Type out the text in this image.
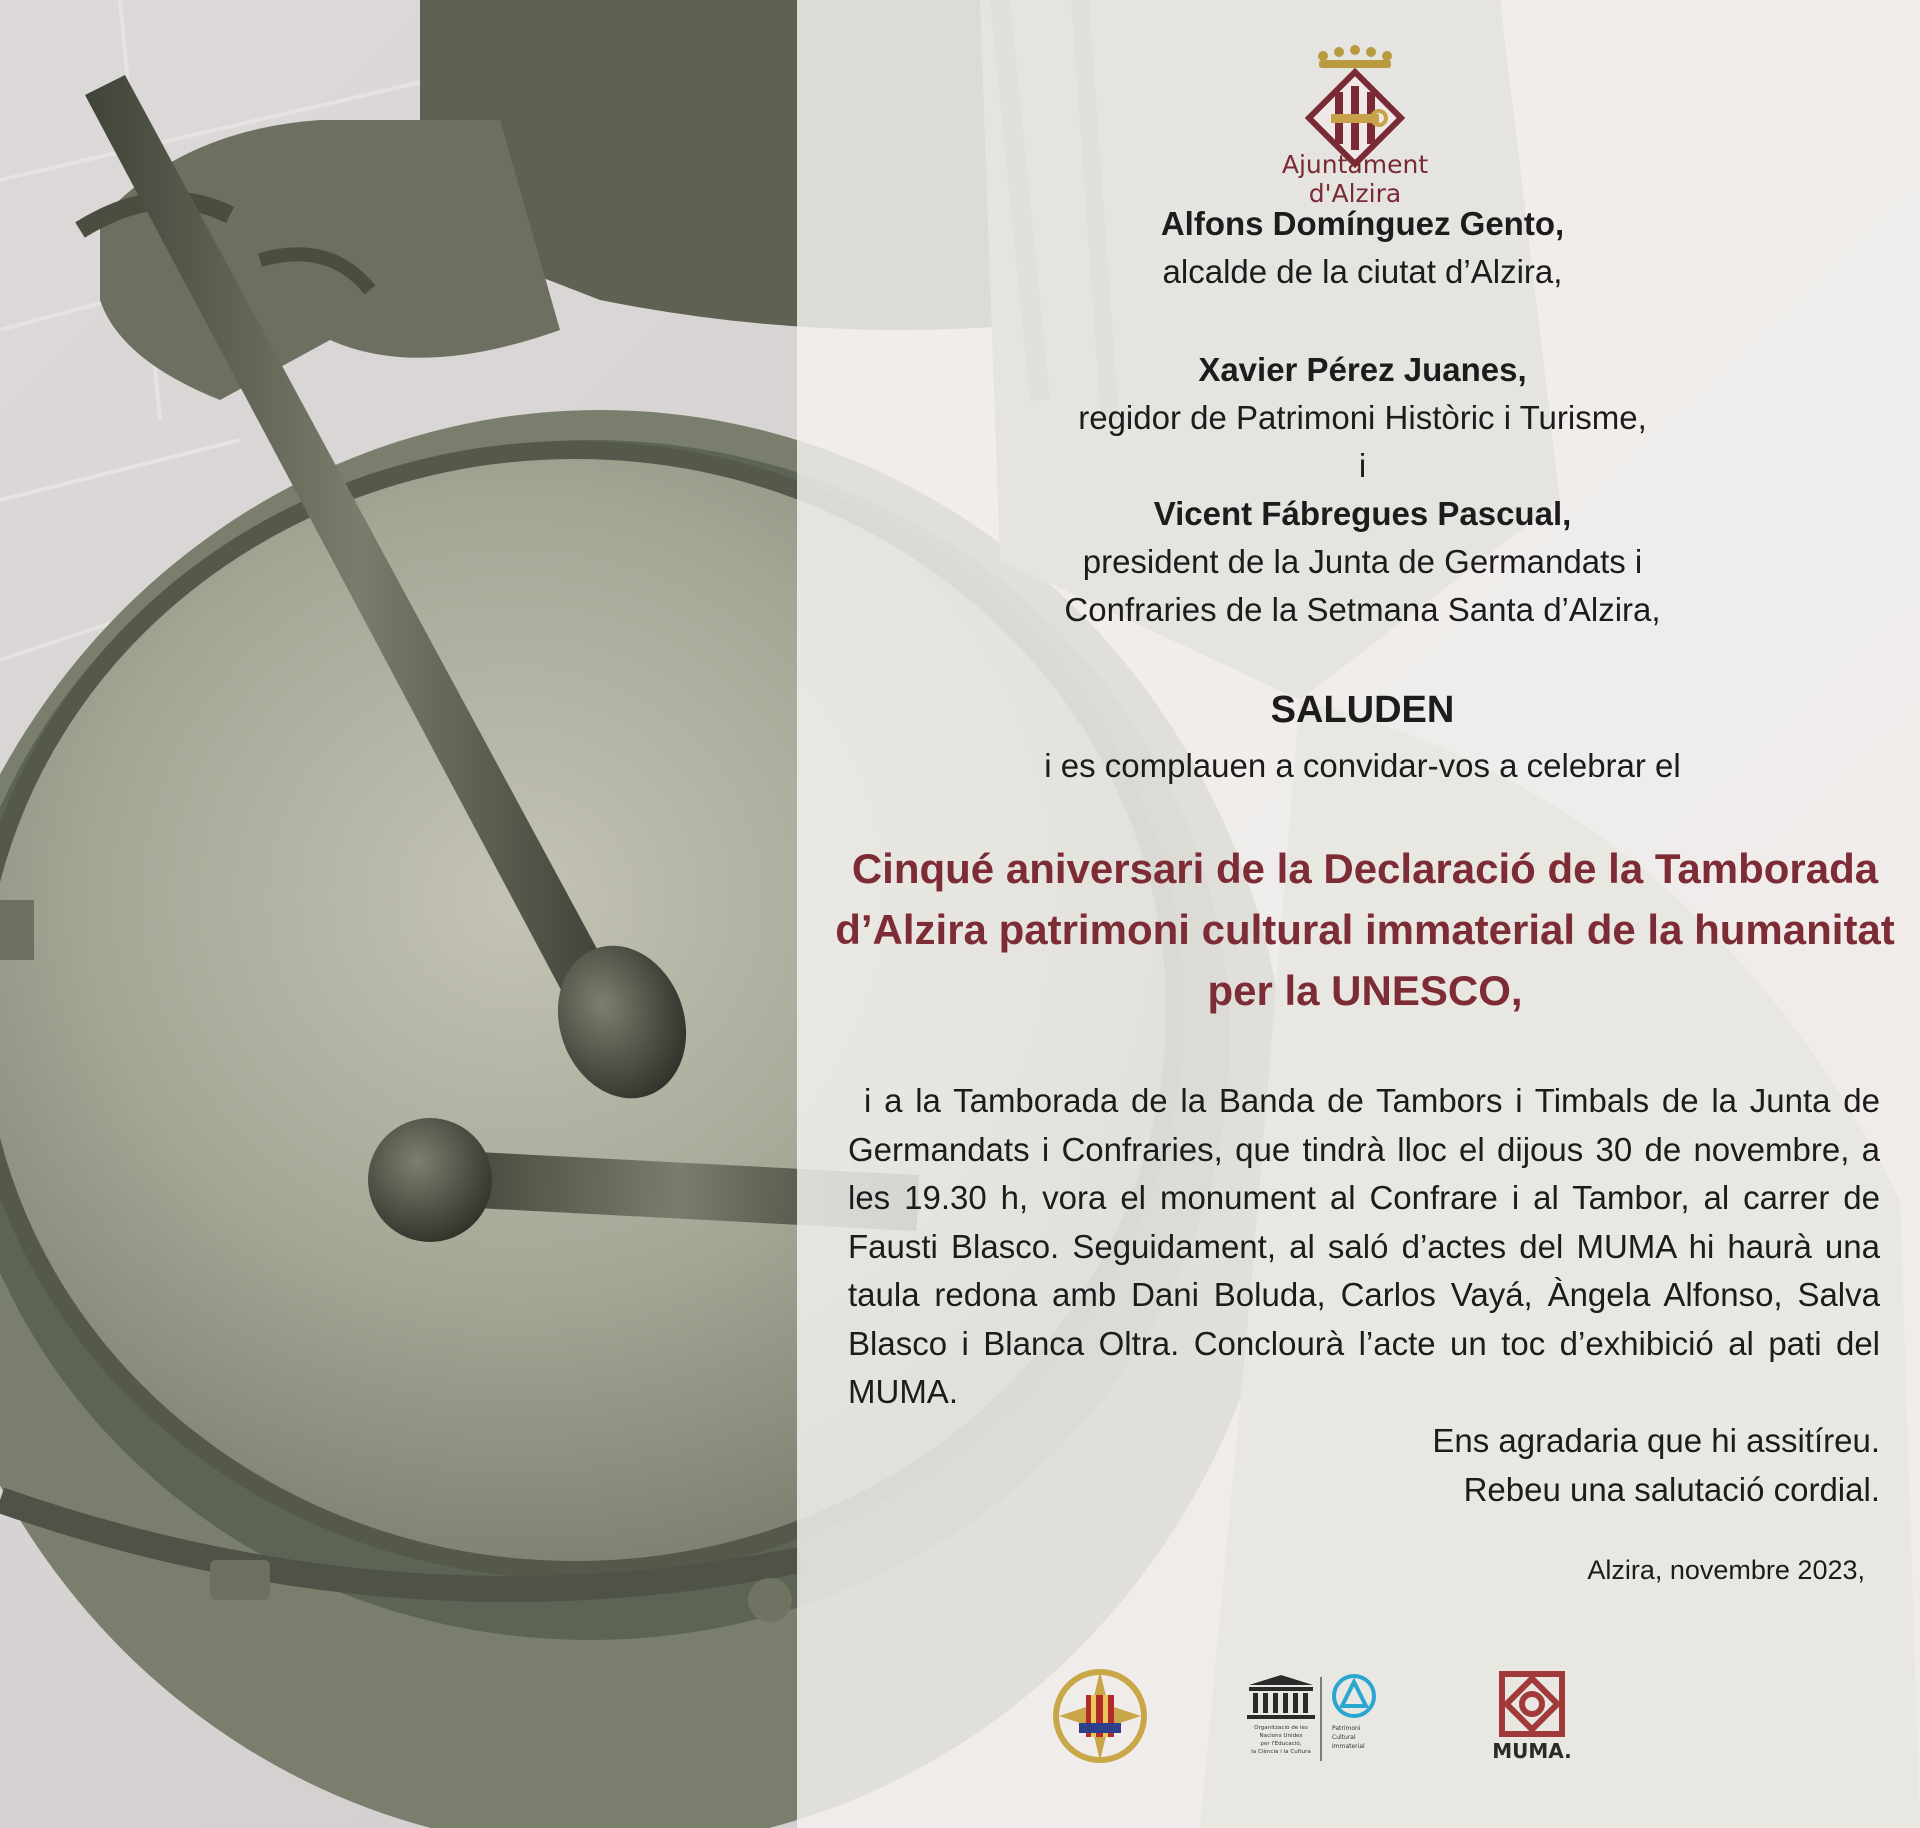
Ajuntament d'Alzira
Alfons Domínguez Gento,
alcalde de la ciutat d’Alzira,
Xavier Pérez Juanes,
regidor de Patrimoni Històric i Turisme,
i
Vicent Fábregues Pascual,
president de la Junta de Germandats i
Confraries de la Setmana Santa d’Alzira,
SALUDEN
i es complauen a convidar-vos a celebrar el
Cinqué aniversari de la Declaració de la Tamborada d’Alzira patrimoni cultural immaterial de la humanitat per la UNESCO,
i a la Tamborada de la Banda de Tambors i Timbals de la Junta de Germandats i Confraries, que tindrà lloc el dijous 30 de novembre, a les 19.30 h, vora el monument al Confrare i al Tambor, al carrer de Fausti Blasco. Seguidament, al saló d’actes del MUMA hi haurà una taula redona amb Dani Boluda, Carlos Vayá, Àngela Alfonso, Salva Blasco i Blanca Oltra. Conclourà l’acte un toc d’exhibició al pati del MUMA.
Ens agradaria que hi assitíreu.
Rebeu una salutació cordial.
Alzira, novembre 2023,
Organització de les
Nacions Unides
per l'Educació,
la Ciència i la Cultura
Patrimoni
Cultural
Immaterial	MUMA.
